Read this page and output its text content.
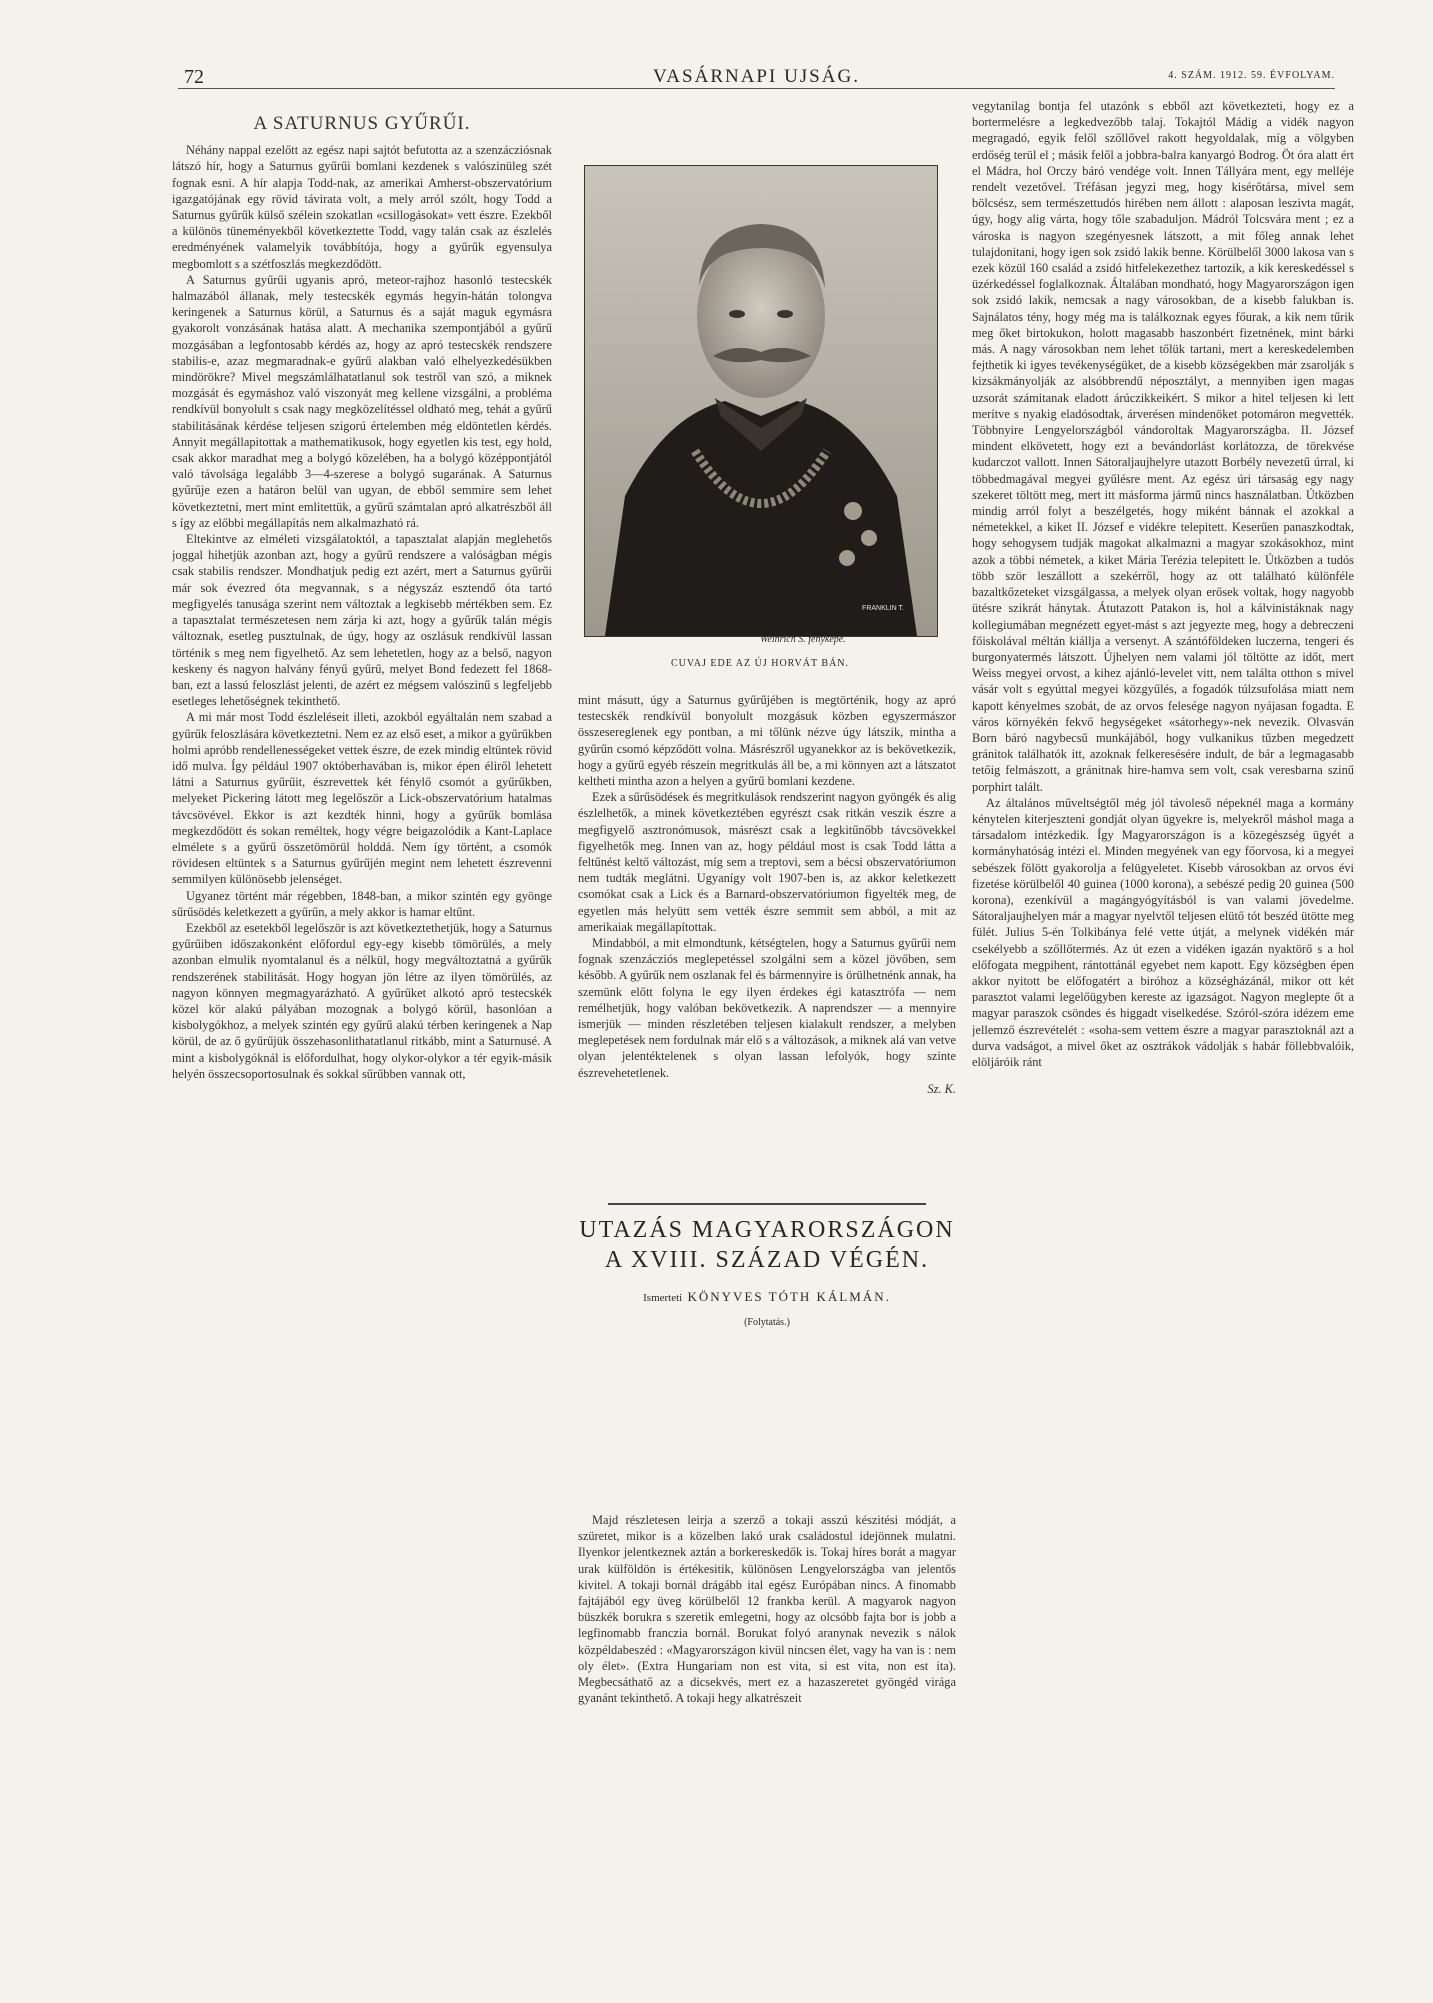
72	VASÁRNAPI UJSÁG.	4. SZÁM. 1912. 59. ÉVFOLYAM.
A SATURNUS GYŰRŰI.

Néhány nappal ezelőtt az egész napi sajtót befutotta az a szenzácziósnak látszó hír, hogy a Saturnus gyűrűi bomlani kezdenek s valószinüleg szét fognak esni. A hír alapja Todd-nak, az amerikai Amherst-obszervatórium igazgatójának egy rövid távirata volt, a mely arról szólt, hogy Todd a Saturnus gyűrűk külső szélein szokatlan «csillogásokat» vett észre. Ezekből a különös tüneményekből következtette Todd, vagy talán csak az észlelés eredményének valamelyik továbbítója, hogy a gyűrűk egyensulya megbomlott s a szétfoszlás megkezdődött.

A Saturnus gyűrűi ugyanis apró, meteor-rajhoz hasonló testecskék halmazából állanak, mely testecskék egymás hegyin-hátán tolongva keringenek a Saturnus körül, a Saturnus és a saját maguk egymásra gyakorolt vonzásának hatása alatt. A mechanika szempontjából a gyűrű mozgásában a legfontosabb kérdés az, hogy az apró testecskék rendszere stabilis-e, azaz megmaradnak-e gyűrű alakban való elhelyezkedésükben mindörökre? Mivel megszámlálhatatlanul sok testről van szó, a miknek mozgását és egymáshoz való viszonyát meg kellene vizsgálni, a probléma rendkívül bonyolult s csak nagy megközelítéssel oldható meg, tehát a gyűrű stabilitásának kérdése teljesen szigorú értelemben még eldöntetlen kérdés. Annyit megállapitottak a mathematikusok, hogy egyetlen kis test, egy hold, csak akkor maradhat meg a bolygó közelében, ha a bolygó középpontjától való távolsága legalább 3—4-szerese a bolygó sugarának. A Saturnus gyűrűje ezen a határon belül van ugyan, de ebből semmire sem lehet következtetni, mert mint emlitettük, a gyűrű számtalan apró alkatrészből áll s így az előbbi megállapítás nem alkalmazható rá.

Eltekintve az elméleti vizsgálatoktól, a tapasztalat alapján meglehetős joggal hihetjük azonban azt, hogy a gyűrű rendszere a valóságban mégis csak stabilis rendszer. Mondhatjuk pedig ezt azért, mert a Saturnus gyűrűi már sok évezred óta megvannak, s a négyszáz esztendő óta tartó megfigyelés tanusága szerint nem változtak a legkisebb mértékben sem. Ez a tapasztalat természetesen nem zárja ki azt, hogy a gyűrűk talán mégis változnak, esetleg pusztulnak, de úgy, hogy az oszlásuk rendkívül lassan történik s meg nem figyelhető. Az sem lehetetlen, hogy az a belső, nagyon keskeny és nagyon halvány fényű gyűrű, melyet Bond fedezett fel 1868-ban, ezt a lassú feloszlást jelenti, de azért ez mégsem valószinű s legfeljebb esetleges lehetőségnek tekinthető.

A mi már most Todd észleléseit illeti, azokból egyáltalán nem szabad a gyűrűk feloszlására következtetni. Nem ez az első eset, a mikor a gyűrűkben holmi apróbb rendellenességeket vettek észre, de ezek mindig eltüntek rövid idő mulva. Így például 1907 októberhavában is, mikor épen éliről lehetett látni a Saturnus gyűrűit, észrevettek két fénylő csomót a gyűrűkben, melyeket Pickering látott meg legelőször a Lick-obszervatórium hatalmas távcsövével. Ekkor is azt kezdték hinni, hogy a gyűrűk bomlása megkezdődött és sokan reméltek, hogy végre beigazolódik a Kant-Laplace elmélete s a gyűrű összetömörül holddá. Nem így történt, a csomók rövidesen eltüntek s a Saturnus gyűrűjén megint nem lehetett észrevenni semmilyen különösebb jelenséget.

Ugyanez történt már régebben, 1848-ban, a mikor szintén egy gyönge sűrűsödés keletkezett a gyűrűn, a mely akkor is hamar eltűnt.

Ezekből az esetekből legelőször is azt következtethetjük, hogy a Saturnus gyűrűiben időszakonként előfordul egy-egy kisebb tömörülés, a mely azonban elmulik nyomtalanul és a nélkül, hogy megváltoztatná a gyűrűk rendszerének stabilitását. Hogy hogyan jön létre az ilyen tömörülés, az nagyon könnyen megmagyarázható. A gyűrűket alkotó apró testecskék közel kör alakú pályában mozognak a bolygó körül, hasonlóan a kisbolygókhoz, a melyek szintén egy gyűrű alakú térben keringenek a Nap körül, de az ő gyűrűjük összehasonlithatatlanul ritkább, mint a Saturnusé. A mint a kisbolygóknál is előfordulhat, hogy olykor-olykor a tér egyik-másik helyén összecsoportosulnak és sokkal sűrűbben vannak ott,

FRANKLIN T.
Weinrich S. fényképe.
CUVAJ EDE AZ ÚJ HORVÁT BÁN.

mint másutt, úgy a Saturnus gyűrűjében is megtörténik, hogy az apró testecskék rendkívül bonyolult mozgásuk közben egyszermászor összesereglenek egy pontban, a mi tőlünk nézve úgy látszik, mintha a gyűrűn csomó képződött volna. Másrészről ugyanekkor az is bekövetkezik, hogy a gyűrű egyéb részein megritkulás áll be, a mi könnyen azt a látszatot keltheti mintha azon a helyen a gyűrű bomlani kezdene.

Ezek a sűrűsödések és megritkulások rendszerint nagyon gyöngék és alig észlelhetők, a minek következtében egyrészt csak ritkán veszik észre a megfigyelő asztronómusok, másrészt csak a legkitűnőbb távcsövekkel figyelhetők meg. Innen van az, hogy például most is csak Todd látta a feltűnést keltő változást, míg sem a treptovi, sem a bécsi obszervatóriumon nem tudták meglátni. Ugyanígy volt 1907-ben is, az akkor keletkezett csomókat csak a Lick és a Barnard-obszervatóriumon figyelték meg, de egyetlen más helyütt sem vették észre semmit sem abból, a mit az amerikaiak megállapítottak.

Mindabból, a mit elmondtunk, kétségtelen, hogy a Saturnus gyűrűi nem fognak szenzácziós meglepetéssel szolgálni sem a közel jövőben, sem később. A gyűrűk nem oszlanak fel és bármennyire is örülhetnénk annak, ha szemünk előtt folyna le egy ilyen érdekes égi katasztrófa — nem remélhetjük, hogy valóban bekövetkezik. A naprendszer — a mennyire ismerjük — minden részletében teljesen kialakult rendszer, a melyben meglepetések nem fordulnak már elő s a változások, a miknek alá van vetve olyan jelentéktelenek s olyan lassan lefolyók, hogy szinte észrevehetetlenek.

Sz. K.

UTAZÁS MAGYARORSZÁGON
A XVIII. SZÁZAD VÉGÉN.
Ismerteti KÖNYVES TÓTH KÁLMÁN.
(Folytatás.)

Majd részletesen leirja a szerző a tokaji asszú készitési módját, a szüretet, mikor is a közelben lakó urak családostul idejönnek mulatni. Ilyenkor jelentkeznek aztán a borkereskedők is. Tokaj híres borát a magyar urak külföldön is értékesitik, különösen Lengyelországba van jelentős kivitel. A tokaji bornál drágább ital egész Európában nincs. A finomabb fajtájából egy üveg körülbelől 12 frankba kerül. A magyarok nagyon büszkék borukra s szeretik emlegetni, hogy az olcsóbb fajta bor is jobb a legfinomabb franczia bornál. Borukat folyó aranynak nevezik s nálok közpéldabeszéd : «Magyarországon kivül nincsen élet, vagy ha van is : nem oly élet». (Extra Hungariam non est vita, si est vita, non est ita). Megbecsáthatő az a dicsekvés, mert ez a hazaszeretet gyöngéd virága gyanánt tekinthető. A tokaji hegy alkatrészeit

vegytanilag bontja fel utazónk s ebből azt következteti, hogy ez a bortermelésre a legkedvezőbb talaj. Tokajtól Mádig a vidék nagyon megragadó, egyik felől szőllővel rakott hegyoldalak, míg a völgyben erdőség terül el ; másik felől a jobbra-balra kanyargó Bodrog. Öt óra alatt ért el Mádra, hol Orczy báró vendége volt. Innen Tállyára ment, egy melléje rendelt vezetővel. Tréfásan jegyzi meg, hogy kisérőtársa, mivel sem bölcsész, sem természettudós hirében nem állott : alaposan leszivta magát, úgy, hogy alig várta, hogy tőle szabaduljon. Mádról Tolcsvára ment ; ez a városka is nagyon szegényesnek látszott, a mit főleg annak lehet tulajdonitani, hogy igen sok zsidó lakik benne. Körülbelől 3000 lakosa van s ezek közül 160 család a zsidó hitfelekezethez tartozik, a kik kereskedéssel s üzérkedéssel foglalkoznak. Általában mondható, hogy Magyarországon igen sok zsidó lakik, nemcsak a nagy városokban, de a kisebb falukban is. Sajnálatos tény, hogy még ma is találkoznak egyes főurak, a kik nem tűrik meg őket birtokukon, holott magasabb haszonbért fizetnének, mint bárki más. A nagy városokban nem lehet tőlük tartani, mert a kereskedelemben fejthetik ki igyes tevékenységüket, de a kisebb községekben már zsarolják s kizsákmányolják az alsóbbrendű néposztályt, a mennyiben igen magas uzsorát számitanak eladott árúczikkeikért. S mikor a hitel teljesen ki lett merítve s nyakig eladósodtak, árverésen mindenöket potomáron megvették. Többnyire Lengyelországból vándoroltak Magyarországba. II. József mindent elkövetett, hogy ezt a bevándorlást korlátozza, de törekvése kudarczot vallott. Innen Sátoraljaujhelyre utazott Borbély nevezetű úrral, ki többedmagával megyei gyűlésre ment. Az egész úri társaság egy nagy szekeret töltött meg, mert itt másforma jármű nincs használatban. Útközben mindig arról folyt a beszélgetés, hogy miként bánnak el azokkal a németekkel, a kiket II. József e vidékre telepitett. Keserűen panaszkodtak, hogy sehogysem tudják magokat alkalmazni a magyar szokásokhoz, mint azok a többi németek, a kiket Mária Terézia telepitett le. Útközben a tudós több ször leszállott a szekérről, hogy az ott található különféle bazaltkőzeteket vizsgálgassa, a melyek olyan erősek voltak, hogy nagyobb ütésre szikrát hánytak. Átutazott Patakon is, hol a kálvinistáknak nagy kollegiumában megnézett egyet-mást s azt jegyezte meg, hogy a debreczeni főiskolával méltán kiállja a versenyt. A szántóföldeken luczerna, tengeri és burgonyatermés látszott. Újhelyen nem valami jól töltötte az időt, mert Weiss megyei orvost, a kihez ajánló-levelet vitt, nem találta otthon s mivel vásár volt s egyúttal megyei közgyűlés, a fogadók túlzsufolása miatt nem kapott kényelmes szobát, de az orvos felesége nagyon nyájasan fogadta. E város környékén fekvő hegységeket «sátorhegy»-nek nevezik. Olvasván Born báró nagybecsű munkájából, hogy vulkanikus tűzben megedzett gránitok találhatók itt, azoknak felkeresésére indult, de bár a legmagasabb tetőig felmászott, a gránitnak hire-hamva sem volt, csak veresbarna szinű porphirt talált.

Az általános műveltségtől még jól távoleső népeknél maga a kormány kénytelen kiterjeszteni gondját olyan ügyekre is, melyekről máshol maga a társadalom intézkedik. Így Magyarországon is a közegészség ügyét a kormányhatóság intézi el. Minden megyének van egy főorvosa, ki a megyei sebészek fölött gyakorolja a felügyeletet. Kisebb városokban az orvos évi fizetése körülbelől 40 guinea (1000 korona), a sebészé pedig 20 guinea (500 korona), ezenkívül a magángyógyításból is van valami jövedelme. Sátoraljaujhelyen már a magyar nyelvtől teljesen elütő tót beszéd ütötte meg fülét. Julius 5-én Tolkibánya felé vette útját, a melynek vidékén már csekélyebb a szőllőtermés. Az út ezen a vidéken igazán nyaktörő s a hol előfogata megpihent, rántottánál egyebet nem kapott. Egy községben épen akkor nyitott be előfogatért a biróhoz a községházánál, mikor ott két parasztot valami legelőügyben kereste az igazságot. Nagyon meglepte őt a magyar paraszok csöndes és higgadt viselkedése. Szóról-szóra idézem eme jellemző észrevételét : «soha-sem vettem észre a magyar parasztoknál azt a durva vadságot, a mivel őket az osztrákok vádolják s habár föllebbvalóik, elöljáróik ránt
